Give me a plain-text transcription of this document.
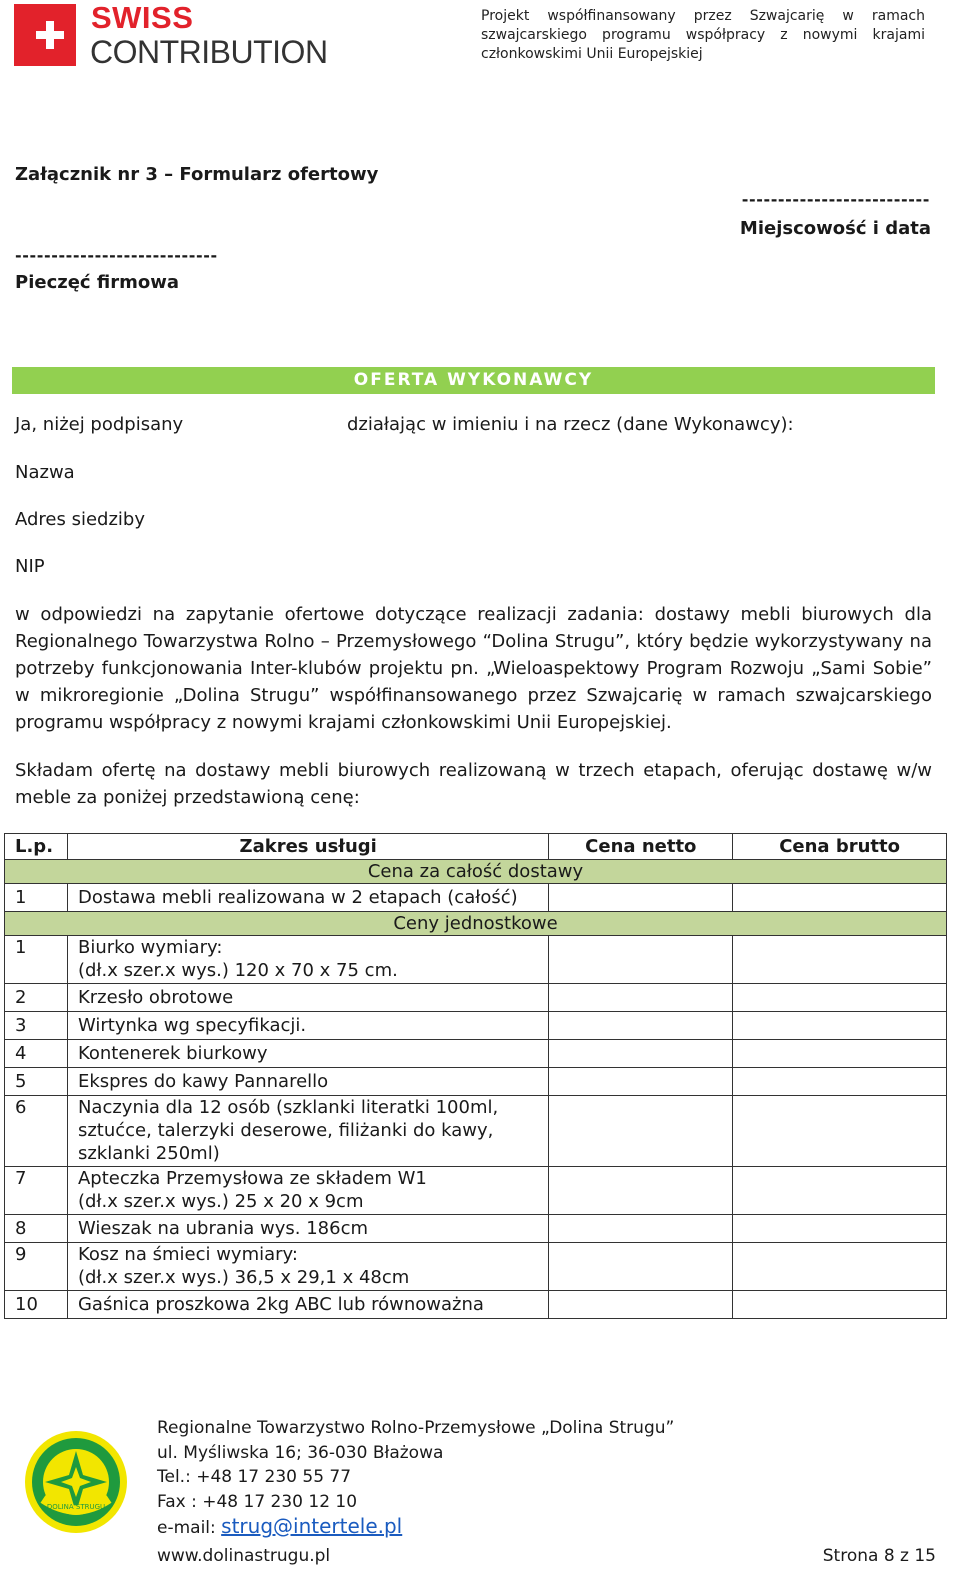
SWISS
CONTRIBUTION
Projekt współfinansowany przez Szwajcarię w ramach szwajcarskiego programu współpracy z nowymi krajami członkowskimi Unii Europejskiej
Załącznik nr 3 – Formularz ofertowy
--------------------------
Miejscowość i data
----------------------------
Pieczęć firmowa
OFERTA WYKONAWCY
Ja, niżej podpisany	działając w imieniu i na rzecz (dane Wykonawcy):
Nazwa
Adres siedziby
NIP
w odpowiedzi na zapytanie ofertowe dotyczące realizacji zadania: dostawy mebli biurowych dla Regionalnego Towarzystwa Rolno – Przemysłowego “Dolina Strugu”, który będzie wykorzystywany na potrzeby funkcjonowania Inter-klubów projektu pn. „Wieloaspektowy Program Rozwoju „Sami Sobie” w mikroregionie „Dolina Strugu” współfinansowanego przez Szwajcarię w ramach szwajcarskiego programu współpracy z nowymi krajami członkowskimi Unii Europejskiej.
Składam ofertę na dostawy mebli biurowych realizowaną w trzech etapach, oferując dostawę w/w meble za poniżej przedstawioną cenę:
L.p.	Zakres usługi	Cena netto	Cena brutto
Cena za całość dostawy			
1	Dostawa mebli realizowana w 2 etapach (całość)		
Ceny jednostkowe			
1	Biurko wymiary:
(dł.x szer.x wys.) 120 x 70 x 75 cm.		

2	Krzesło obrotowe		
3	Wirtynka wg specyfikacji.		
4	Kontenerek biurkowy		
5	Ekspres do kawy Pannarello		
6	Naczynia dla 12 osób (szklanki literatki 100ml,
sztućce, talerzyki deserowe, filiżanki do kawy,
szklanki 250ml)		

7	Apteczka Przemysłowa ze składem W1
(dł.x szer.x wys.) 25 x 20 x 9cm		

8	Wieszak na ubrania wys. 186cm		
9	Kosz na śmieci wymiary:
(dł.x szer.x wys.) 36,5 x 29,1 x 48cm		

10	Gaśnica proszkowa 2kg ABC lub równoważna		
DOLINA STRUGU
Regionalne Towarzystwo Rolno-Przemysłowe „Dolina Strugu”
ul. Myśliwska 16; 36-030 Błażowa
Tel.: +48 17 230 55 77
Fax : +48 17 230 12 10
e-mail: strug@intertele.pl
www.dolinastrugu.pl	Strona 8 z 15
